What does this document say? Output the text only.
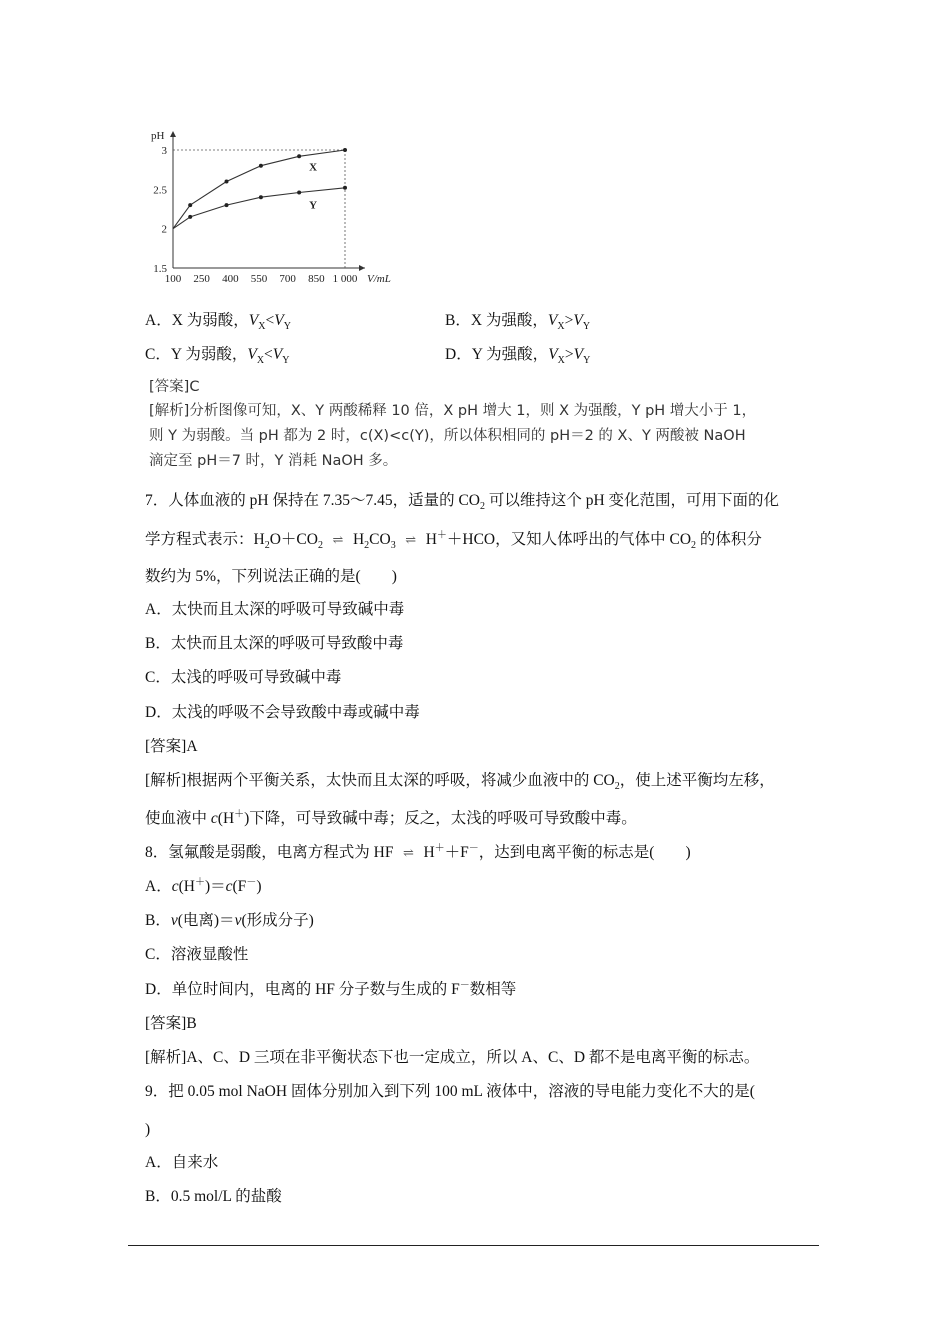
pH
V/mL
100 250 400 550 700 850 1 000
1.5
2
2.5
3
X
Y
A．X 为弱酸，$V_X<V_Y$	B．X 为强酸，$V_X>V_Y$
C．Y 为弱酸，$V_X<V_Y$	D．Y 为强酸，$V_X>V_Y$
[答案]C
[解析]分析图像可知，X、Y 两酸稀释 10 倍，X pH 增大 1，则 X 为强酸，Y pH 增大小于 1，
则 Y 为弱酸。当 pH 都为 2 时，c(X)<c(Y)，所以体积相同的 pH＝2 的 X、Y 两酸被 NaOH
滴定至 pH＝7 时，Y 消耗 NaOH 多。
7．人体血液的 pH 保持在 7.35～7.45，适量的 $CO_2$ 可以维持这个 pH 变化范围，可用下面的化
学方程式表示：$H_2O+CO_2$ ⇌ $H_2CO_3$ ⇌ H＋＋HCO，又知人体呼出的气体中 $CO_2$ 的体积分
数约为 5%，下列说法正确的是(　　)
A．太快而且太深的呼吸可导致碱中毒
B．太快而且太深的呼吸可导致酸中毒
C．太浅的呼吸可导致碱中毒
D．太浅的呼吸不会导致酸中毒或碱中毒
[答案]A
[解析]根据两个平衡关系，太快而且太深的呼吸，将减少血液中的 $CO_2$，使上述平衡均左移，
使血液中 c(H＋)下降，可导致碱中毒；反之，太浅的呼吸可导致酸中毒。
8．氢氟酸是弱酸，电离方程式为 HF ⇌ H＋＋F－，达到电离平衡的标志是(　　)
A．c(H＋)＝c(F－)
B．v(电离)＝v(形成分子)
C．溶液显酸性
D．单位时间内，电离的 HF 分子数与生成的 F－数相等
[答案]B
[解析]A、C、D 三项在非平衡状态下也一定成立，所以 A、C、D 都不是电离平衡的标志。
9．把 0.05 mol NaOH 固体分别加入到下列 100 mL 液体中，溶液的导电能力变化不大的是(
)
A．自来水
B．0.5 mol/L 的盐酸
